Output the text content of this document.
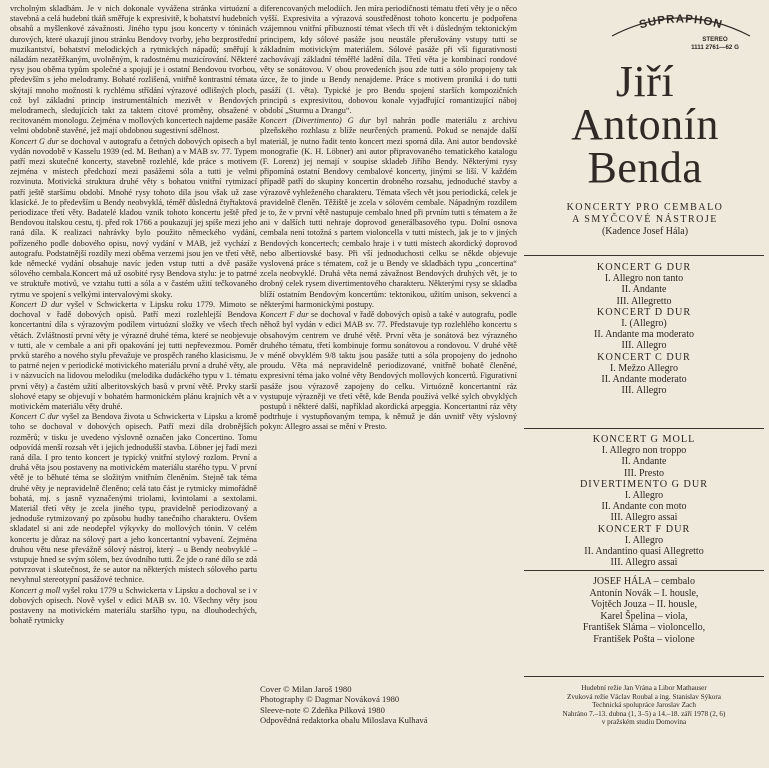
vrcholným skladbám. Je v nich dokonale vyvážena stránka virtuózní a stavebná a celá hudební tkáň směřuje k expresivitě, k bohatství hudebních obsahů a myšlenkové závažnosti. Jiného typu jsou koncerty v tóninách durových, které ukazují jinou stránku Bendovy tvorby, jeho bezprostřední muzikantství, bohatství melodických a rytmických nápadů; směřují k náladám nezatěžkaným, uvolněným, k radostnému muzicírování. Některé rysy jsou oběma typům společné a spojují je i ostatní Bendovou tvorbou, především s jeho melodramy. Bohaté rozlišená, vnitřně kontrastní témata skýtají mnoho možností k rychlému střídání výrazové odlišných ploch, což byl základní princip instrumentálních mezivět v Bendových melodramech, sledujících takt za taktem citové proměny, obsažené v recitovaném monologu. Zejména v mollových koncertech najdeme pasáže velmi obdobně stavěné, jež mají obdobnou sugestivní sdělnost.

Koncert G dur se dochoval v autografu a četných dobových opisech a byl vydán novodobě v Kasselu 1939 (ed. M. Bethan) a v MAB sv. 77. Typem patří mezi skutečné koncerty, stavebně rozlehlé, kde práce s motivem zejména v místech předchozí mezi pasážemi sóla a tutti je velmi rozvinuta. Motivická struktura druhé věty s bohatou vnitřní rytmizací patří ještě staršímu období. Mnohé rysy tohoto díla jsou však už zase klasické. Je to především u Bendy neobvyklá, téměř důsledná čtyřtaktová periodizace třetí věty. Badatelé kladou vznik tohoto koncertu ještě před Bendovou italskou cestu, tj. před rok 1766 a poukazují jej spíše mezi jeho raná díla. K realizaci nahrávky bylo použito německého vydání, pořízeného podle dobového opisu, nový vydání v MAB, jež vychází z autografu. Podstatnější rozdíly mezi oběma verzemi jsou jen ve třetí větě, kde německé vydání obsahuje navíc jeden vstup tutti a dvě pasáže sólového cembala.Koncert má už osobité rysy Bendova stylu: je to patrné ve struktuře motivů, ve vztahu tutti a sóla a v častém užití tečkovaného rytmu ve spojení s velkými intervalovými skoky.

Koncert D dur vyšel v Schwickerta v Lipsku roku 1779. Mimoto se dochoval v řadě dobových opisů. Patří mezi rozlehlejší Bendova koncertantní díla s výrazovým podílem virtuózní složky ve všech třech větách. Zvláštností první věty je výrazné druhé téma, které se neobjevuje v tutti, ale v cembale a ani při opakování jej tutti nepřevezmou. Poměr prvků starého a nového stylu převažuje ve prospěch raného klasicismu. Je to patrné nejen v periodické motivického materiálu první a druhé věty, ale i v názvucích na lidovou melodiku (melodika dudáckého typu v 1. tématu první věty) a častém užití alberitovských basů v první větě. Prvky starší slohové etapy se objevují v bohatém harmonickém plánu krajních vět a v motivickém materiálu věty druhé.

Koncert C dur vyšel za Bendova života u Schwickerta v Lipsku a kromě toho se dochoval v dobových opisech. Patří mezi díla drobnějších rozměrů; v tisku je uvedeno výslovně označen jako Concertino. Tomu odpovídá menší rozsah vět i jejich jednodušší stavba. Löbner jej řadí mezi raná díla. I pro tento koncert je typický vnitřní stylový rozlom. První a druhá věta jsou postaveny na motivickém materiálu starého typu. V první větě je to běhuté téma se složitým vnitřním členěním. Stejně tak téma druhé věty je nepravidelně členěno; celá tato část je rytmicky mimořádně bohatá, mj. s jasně vyznačenými triolami, kvintolami a sextolami. Materiál třetí věty je zcela jiného typu, pravidelně periodizovaný a jednoduše rytmizovaný po způsobu hudby tanečního charakteru. Ovšem skladatel si ani zde neodepřel výkyvky do mollových tónin. V celém koncertu je důraz na sólový part a jeho koncertantní vybavení. Zejména druhou větu nese převážně sólový nástroj, který – u Bendy neobvyklé – vstupuje hned se svým sólem, bez úvodního tutti. Že jde o rané dílo se zdá potvrzovat i skutečnost, že se autor na některých místech sólového partu nevyhnul stereotypní pasážové technice.

Koncert g moll vyšel roku 1779 u Schwickerta v Lipsku a dochoval se i v dobových opisech. Nově vyšel v edici MAB sv. 10. Všechny věty jsou postaveny na motivickém materiálu staršího typu, na dlouhodechých, bohatě rytmicky

diferencovaných melodiích. Jen míra periodičnosti tématu třetí věty je o něco vyšší. Expresivita a výrazová soustředěnost tohoto koncertu je podpořena vzájemnou vnitřní příbuzností témat všech tří vět i důsledným tektonickým principem, kdy sólové pasáže jsou neustále přerušovány vstupy tutti se základním motivickým materiálem. Sólové pasáže při vší figurativnosti zachovávají základní téměřlé ladění díla. Třetí věta je kombinací rondové věty se sonátovou. V obou provedeních jsou zde tutti a sólo propojeny tak úzce, že to jinde u Bendy nenajdeme. Práce s motivem proniká i do tutti pasáží (1. věta). Typické je pro Bendu spojení starších kompozičních principů s expresivitou, dobovou konale vyjadřující romantizující náboj období „Sturmu a Drangu“.

Koncert (Divertimento) G dur byl nahrán podle materiálu z archivu plzeňského rozhlasu z blíže neurčených pramenů. Pokud se nenajde další materiál, je nutno řadit tento koncert mezi sporná díla. Ani autor bendovské monografie (K. H. Löbner) ani autor připravovaného tematického katalogu (F. Lorenz) jej nemají v soupise skladeb Jiřího Bendy. Některými rysy připomíná ostatní Bendovy cembalové koncerty, jinými se liší. V každém případě patří do skupiny koncertin drobného rozsahu, jednoduché stavby a výrazově vyhleženého charakteru. Témata všech vět jsou periodická, celek je pravidelně členěn. Těžiště je zcela v sólovém cembale. Nápadným rozdílem je to, že v první větě nastupuje cembalo hned při prvním tutti s tématem a že ani v dalších tutti nehraje doprovod generálbasového typu. Dolní osnova cembala není totožná s partem violoncella v tutti místech, jak je to v jiných Bendových koncertech; cembalo hraje i v tutti místech akordický doprovod nebo albertiovské basy. Při vší jednoduchosti celku se někde objevuje vyslovená práce s tématem, což je u Bendy ve skladbách typu „concertina“ zcela neobvyklé. Druhá věta nemá závažnost Bendových druhých vět, je to drobný celek rysem divertimentového charakteru. Některými rysy se skladba blíží ostatním Bendovým koncertům: tektonikou, užitím unison, sekvencí a některými harmonickými postupy.

Koncert F dur se dochoval v řadě dobových opisů a také v autografu, podle něhož byl vydán v edici MAB sv. 77. Představuje typ rozlehlého koncertu s obsahovým centrem ve druhé větě. První věta je sonátová bez výrazného druhého tématu, třetí kombinuje formu sonátovou a rondovou. V druhé větě v méně obvyklém 9/8 taktu jsou pasáže tutti a sóla propojeny do jednoho proudu. Věta má nepravidelně periodizované, vnitřně bohatě členěné, expresivní téma jako volné věty Bendových mollových koncertů. Figurativní pasáže jsou výrazově zapojeny do celku. Virtuózně koncertantní ráz vystupuje výrazněji ve třetí větě, kde Benda používá velké sylch obvyklých postupů i některé další, například akordická arpeggia. Koncertantní ráz věty podtrhuje i vystupňovaným tempa, k němuž je dán uvnitř věty výslovný pokyn: Allegro assai se mění v Presto.

Cover © Milan Jaroš 1980
Photography © Dagmar Nováková 1980
Sleeve-note © Zdeňka Pilková 1980
Odpovědná redaktorka obalu Miloslava Kulhavá
SUPRAPHON
STEREO
1111 2761—62 G
Jiří
Antonín
Benda
KONCERTY PRO CEMBALO
A SMYČCOVÉ NÁSTROJE
(Kadence Josef Hála)
KONCERT G DUR
I. Allegro non tanto
II. Andante
III. Allegretto
KONCERT D DUR
I. (Allegro)
II. Andante ma moderato
III. Allegro
KONCERT C DUR
I. Mežzo Allegro
II. Andante moderato
III. Allegro
KONCERT G MOLL
I. Allegro non troppo
II. Andante
III. Presto
DIVERTIMENTO G DUR
I. Allegro
II. Andante con moto
III. Allegro assai
KONCERT F DUR
I. Allegro
II. Andantino quasi Allegretto
III. Allegro assai
JOSEF HÁLA – cembalo
Antonín Novák – I. housle,
Vojtěch Jouza – II. housle,
Karel Špelina – viola,
František Sláma – violoncello,
František Pošta – violone
Hudební režie Jan Vrána a Libor Mathauser
Zvuková režie Václav Roubal a ing. Stanislav Sýkora
Technická spolupráce Jaroslav Zach
Nahráno 7.–13. dubna (1, 3–5) a 14.–18. září 1978 (2, 6)
v pražském studiu Domovina
